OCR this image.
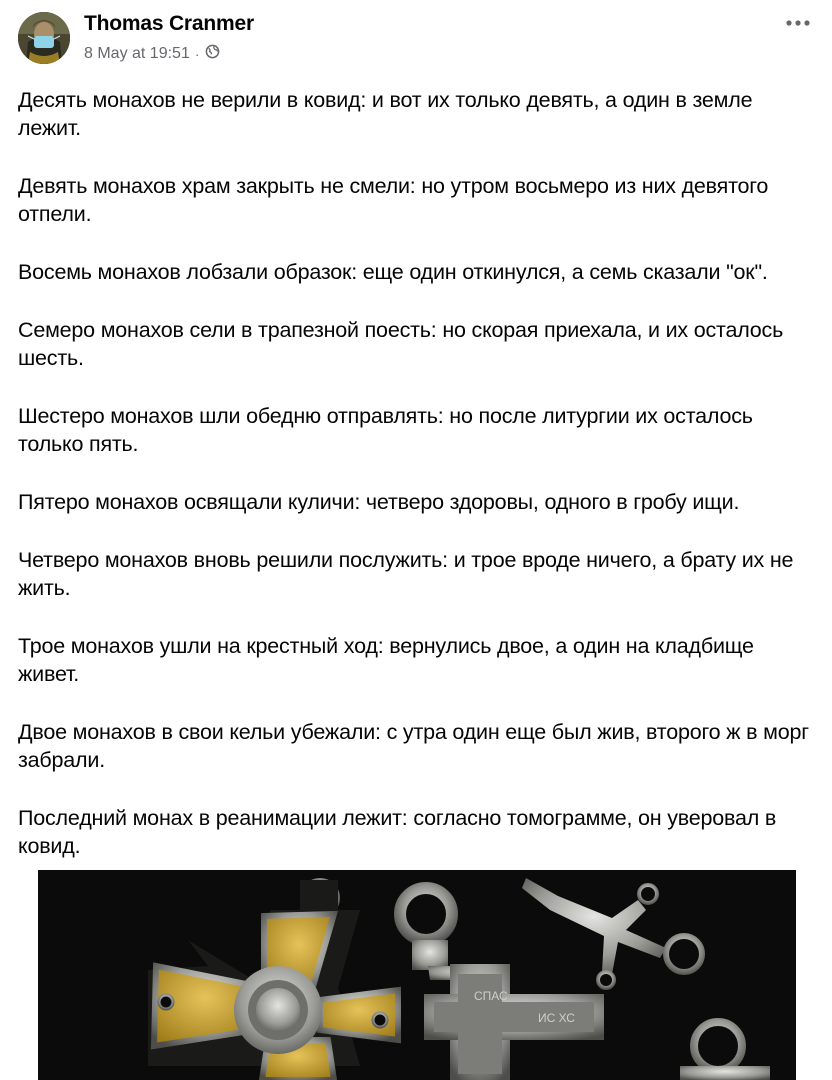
Thomas Cranmer
8 May at 19:51 ·

Десять монахов не верили в ковид: и вот их только девять, а один в земле лежит.

Девять монахов храм закрыть не смели: но утром восьмеро из них девятого отпели.

Восемь монахов лобзали образок: еще один откинулся, а семь сказали "ок".

Семеро монахов сели в трапезной поесть: но скорая приехала, и их осталось шесть.

Шестеро монахов шли обедню отправлять: но после литургии их осталось только пять.

Пятеро монахов освящали куличи: четверо здоровы, одного в гробу ищи.

Четверо монахов вновь решили послужить: и трое вроде ничего, а брату их не жить.

Трое монахов ушли на крестный ход: вернулись двое, а один на кладбище живет.

Двое монахов в свои кельи убежали: с утра один еще был жив, второго ж в морг забрали.

Последний монах в реанимации лежит: согласно томограмме, он уверовал в ковид.

СПАС
ИС ХС
